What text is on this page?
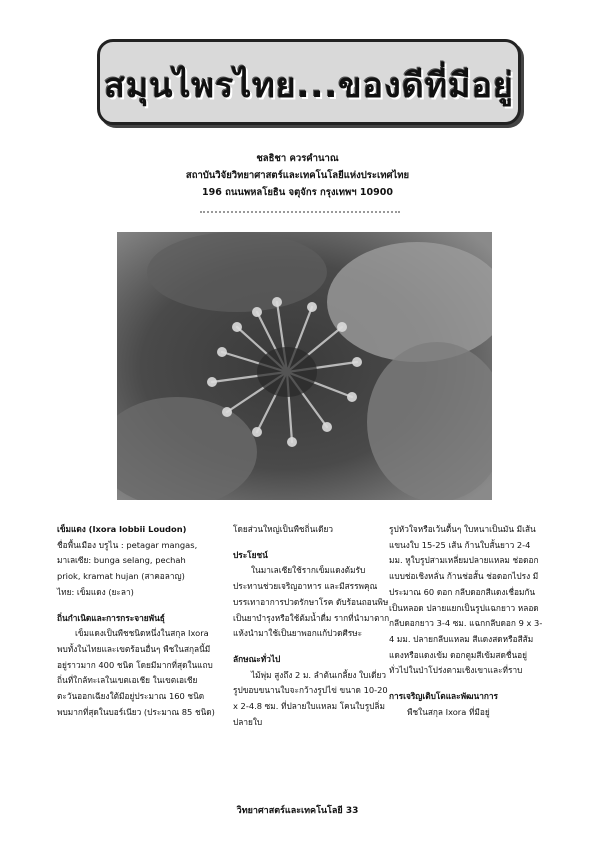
สมุนไพรไทย...ของดีที่มีอยู่
ชลธิชา ควรคำนาณ
สถาบันวิจัยวิทยาศาสตร์และเทคโนโลยีแห่งประเทศไทย
196 ถนนพหลโยธิน จตุจักร กรุงเทพฯ 10900

เข็มแดง (Ixora lobbii Loudon)

ชื่อพื้นเมือง บรูไน : petagar mangas,

มาเลเซีย: bunga selang, pechah

priok, kramat hujan (สาคอลาญ)

ไทย: เข็มแดง (ยะลา)

ถิ่นกำเนิดและการกระจายพันธุ์

เข็มแดงเป็นพืชชนิดหนึ่งในสกุล Ixora พบทั้งในไทยและเขตร้อนอื่นๆ พืชในสกุลนี้มีอยู่ราวมาก 400 ชนิด โดยมีมากที่สุดในแถบถิ่นที่ใกล้ทะเลในเขตเอเชีย ในเขตเอเชียตะวันออกเฉียงใต้มีอยู่ประมาณ 160 ชนิด พบมากที่สุดในบอร์เนียว (ประมาณ 85 ชนิด)

โดยส่วนใหญ่เป็นพืชถิ่นเดียว

ประโยชน์

ในมาเลเซียใช้รากเข็มแดงต้มรับประทานช่วยเจริญอาหาร และมีสรรพคุณบรรเทาอาการปวดรักษาโรค ดับร้อนถอนพิษ เป็นยาบำรุงหรือใช้ต้มน้ำดื่ม รากที่นำมาตากแห้งนำมาใช้เป็นยาพอกแก้ปวดศีรษะ

ลักษณะทั่วไป

ไม้พุ่ม สูงถึง 2 ม. ลำต้นเกลี้ยง ใบเดี่ยว รูปขอบขนานใบจะกว้างรูปไข่ ขนาด 10-20 x 2-4.8 ซม. ที่ปลายใบแหลม โคนใบรูปลิ่ม ปลายใบ

รูปหัวใจหรือเว้นตื้นๆ ใบหนาเป็นมัน มีเส้นแขนงใบ 15-25 เส้น ก้านใบสั้นยาว 2-4 มม. หูใบรูปสามเหลี่ยมปลายแหลม ช่อดอกแบบช่อเชิงหลั่น ก้านช่อสั้น ช่อดอกไปรง มีประมาณ 60 ดอก กลีบดอกสีแดงเชื่อมกันเป็นหลอด ปลายแยกเป็นรูปแฉกยาว หลอดกลีบดอกยาว 3-4 ซม. แฉกกลีบดอก 9 x 3-4 มม. ปลายกลีบแหลม สีแดงสดหรือสีส้มแดงหรือแดงเข้ม ดอกตูมสีเข้มสดชื่นอยู่ทั่วไปในป่าโปร่งตามเชิงเขาและที่ราบ

การเจริญเติบโตและพัฒนาการ

พืชในสกุล Ixora ที่มีอยู่

วิทยาศาสตร์และเทคโนโลยี 33
